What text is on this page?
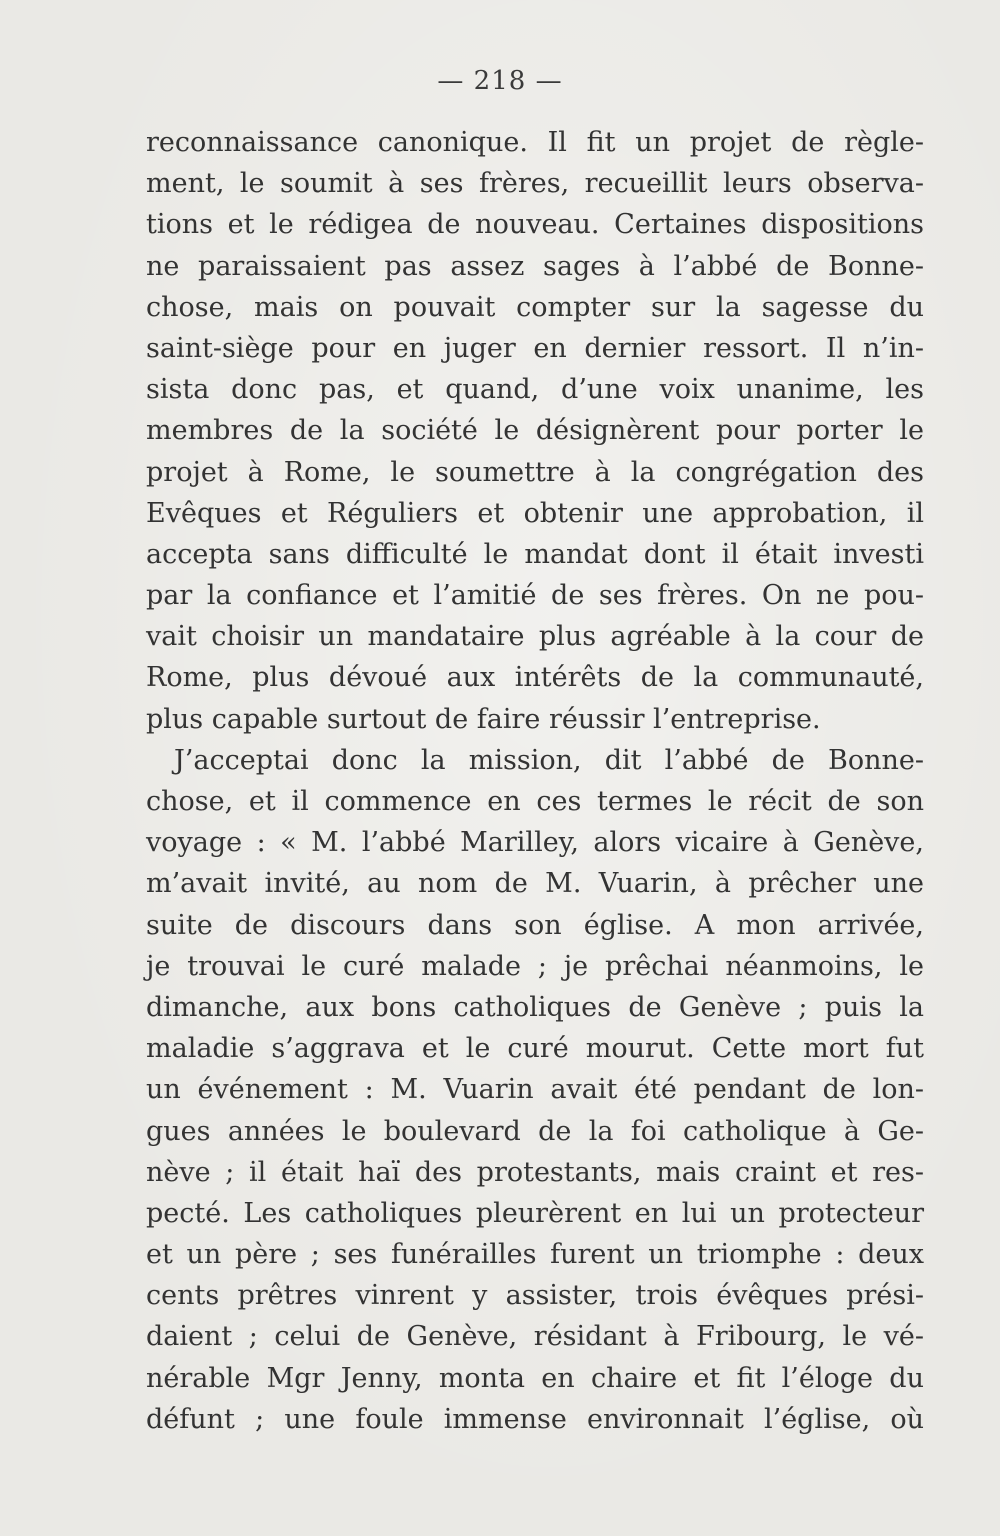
— 218 —
reconnaissance canonique. Il fit un projet de règle-
ment, le soumit à ses frères, recueillit leurs observa-
tions et le rédigea de nouveau. Certaines dispositions
ne paraissaient pas assez sages à l’abbé de Bonne-
chose, mais on pouvait compter sur la sagesse du
saint-siège pour en juger en dernier ressort. Il n’in-
sista donc pas, et quand, d’une voix unanime, les
membres de la société le désignèrent pour porter le
projet à Rome, le soumettre à la congrégation des
Evêques et Réguliers et obtenir une approbation, il
accepta sans difficulté le mandat dont il était investi
par la confiance et l’amitié de ses frères. On ne pou-
vait choisir un mandataire plus agréable à la cour de
Rome, plus dévoué aux intérêts de la communauté,
plus capable surtout de faire réussir l’entreprise.
J’acceptai donc la mission, dit l’abbé de Bonne-
chose, et il commence en ces termes le récit de son
voyage : « M. l’abbé Marilley, alors vicaire à Genève,
m’avait invité, au nom de M. Vuarin, à prêcher une
suite de discours dans son église. A mon arrivée,
je trouvai le curé malade ; je prêchai néanmoins, le
dimanche, aux bons catholiques de Genève ; puis la
maladie s’aggrava et le curé mourut. Cette mort fut
un événement : M. Vuarin avait été pendant de lon-
gues années le boulevard de la foi catholique à Ge-
nève ; il était haï des protestants, mais craint et res-
pecté. Les catholiques pleurèrent en lui un protecteur
et un père ; ses funérailles furent un triomphe : deux
cents prêtres vinrent y assister, trois évêques prési-
daient ; celui de Genève, résidant à Fribourg, le vé-
nérable Mgr Jenny, monta en chaire et fit l’éloge du
défunt ; une foule immense environnait l’église, où
